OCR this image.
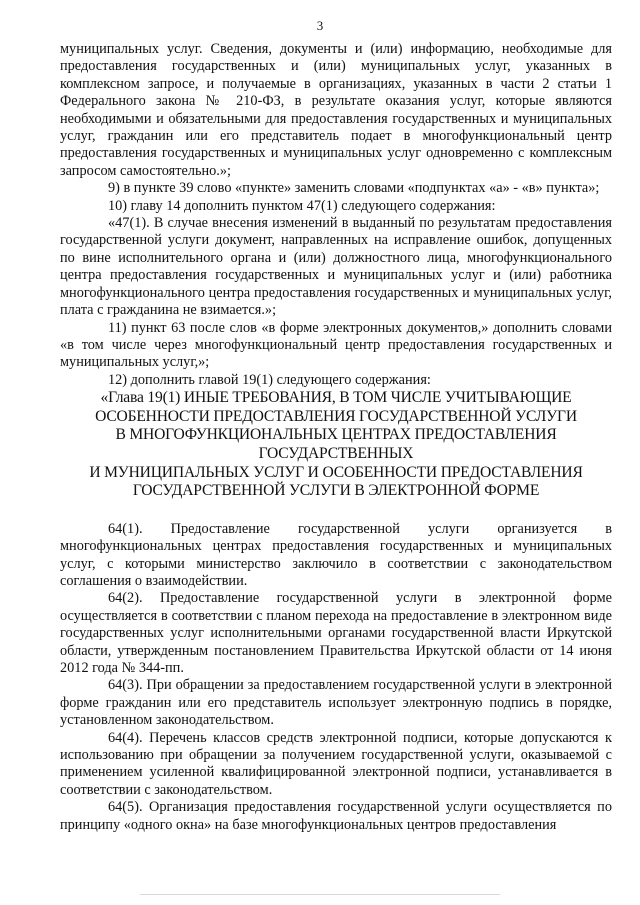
3

муниципальных услуг. Сведения, документы и (или) информацию, необходимые для предоставления государственных и (или) муниципальных услуг, указанных в комплексном запросе, и получаемые в организациях, указанных в части 2 статьи 1 Федерального закона № 210-ФЗ, в результате оказания услуг, которые являются необходимыми и обязательными для предоставления государственных и муниципальных услуг, гражданин или его представитель подает в многофункциональный центр предоставления государственных и муниципальных услуг одновременно с комплексным запросом самостоятельно.»;

9) в пункте 39 слово «пункте» заменить словами «подпунктах «а» - «в» пункта»;

10) главу 14 дополнить пунктом 47(1) следующего содержания:

«47(1). В случае внесения изменений в выданный по результатам предоставления государственной услуги документ, направленных на исправление ошибок, допущенных по вине исполнительного органа и (или) должностного лица, многофункционального центра предоставления государственных и муниципальных услуг и (или) работника многофункционального центра предоставления государственных и муниципальных услуг, плата с гражданина не взимается.»;

11) пункт 63 после слов «в форме электронных документов,» дополнить словами «в том числе через многофункциональный центр предоставления государственных и муниципальных услуг,»;

12) дополнить главой 19(1) следующего содержания:

«Глава 19(1) ИНЫЕ ТРЕБОВАНИЯ, В ТОМ ЧИСЛЕ УЧИТЫВАЮЩИЕ
ОСОБЕННОСТИ ПРЕДОСТАВЛЕНИЯ ГОСУДАРСТВЕННОЙ УСЛУГИ
В МНОГОФУНКЦИОНАЛЬНЫХ ЦЕНТРАХ ПРЕДОСТАВЛЕНИЯ
ГОСУДАРСТВЕННЫХ
И МУНИЦИПАЛЬНЫХ УСЛУГ И ОСОБЕННОСТИ ПРЕДОСТАВЛЕНИЯ
ГОСУДАРСТВЕННОЙ УСЛУГИ В ЭЛЕКТРОННОЙ ФОРМЕ

64(1). Предоставление государственной услуги организуется в многофункциональных центрах предоставления государственных и муниципальных услуг, с которыми министерство заключило в соответствии с законодательством соглашения о взаимодействии.

64(2). Предоставление государственной услуги в электронной форме осуществляется в соответствии с планом перехода на предоставление в электронном виде государственных услуг исполнительными органами государственной власти Иркутской области, утвержденным постановлением Правительства Иркутской области от 14 июня 2012 года № 344-пп.

64(3). При обращении за предоставлением государственной услуги в электронной форме гражданин или его представитель использует электронную подпись в порядке, установленном законодательством.

64(4). Перечень классов средств электронной подписи, которые допускаются к использованию при обращении за получением государственной услуги, оказываемой с применением усиленной квалифицированной электронной подписи, устанавливается в соответствии с законодательством.

64(5). Организация предоставления государственной услуги осуществляется по принципу «одного окна» на базе многофункциональных центров предоставления
